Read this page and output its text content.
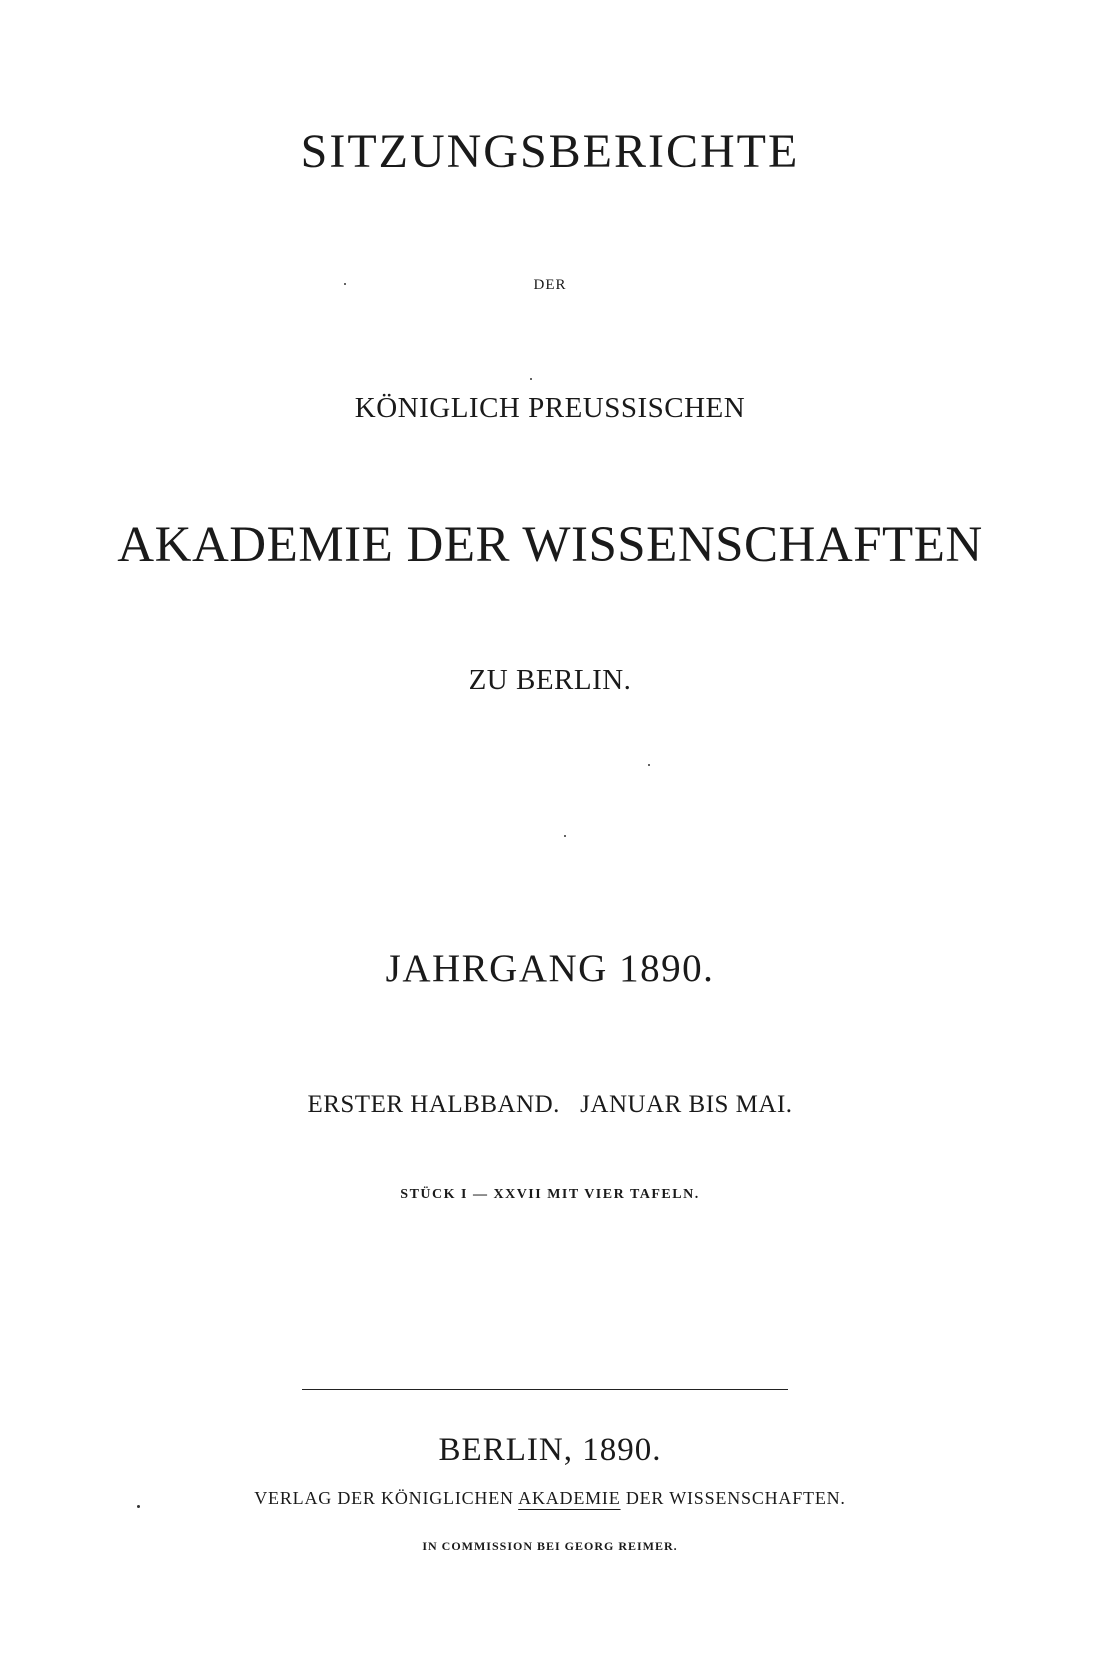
SITZUNGSBERICHTE
DER
KÖNIGLICH PREUSSISCHEN
AKADEMIE DER WISSENSCHAFTEN
ZU BERLIN.
JAHRGANG 1890.
ERSTER HALBBAND.   JANUAR BIS MAI.
STÜCK I — XXVII MIT VIER TAFELN.
BERLIN, 1890.
VERLAG DER KÖNIGLICHEN AKADEMIE DER WISSENSCHAFTEN.
IN COMMISSION BEI GEORG REIMER.
